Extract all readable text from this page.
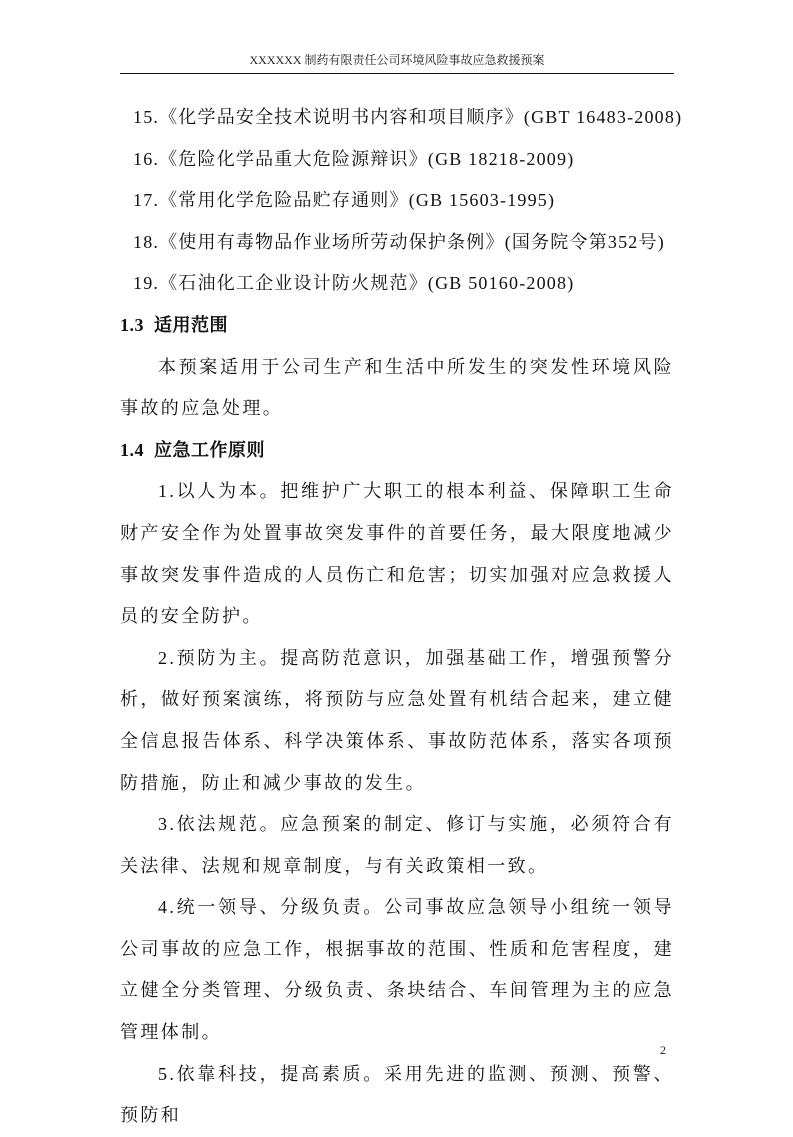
XXXXXX 制药有限责任公司环境风险事故应急救援预案
15.《化学品安全技术说明书内容和项目顺序》(GBT 16483-2008)
16.《危险化学品重大危险源辩识》(GB 18218-2009)
17.《常用化学危险品贮存通则》(GB 15603-1995)
18.《使用有毒物品作业场所劳动保护条例》(国务院令第352号)
19.《石油化工企业设计防火规范》(GB 50160-2008)
1.3 适用范围
本预案适用于公司生产和生活中所发生的突发性环境风险事故的应急处理。
1.4 应急工作原则
1.以人为本。把维护广大职工的根本利益、保障职工生命财产安全作为处置事故突发事件的首要任务，最大限度地减少事故突发事件造成的人员伤亡和危害；切实加强对应急救援人员的安全防护。
2.预防为主。提高防范意识，加强基础工作，增强预警分析，做好预案演练，将预防与应急处置有机结合起来，建立健全信息报告体系、科学决策体系、事故防范体系，落实各项预防措施，防止和减少事故的发生。
3.依法规范。应急预案的制定、修订与实施，必须符合有关法律、法规和规章制度，与有关政策相一致。
4.统一领导、分级负责。公司事故应急领导小组统一领导公司事故的应急工作，根据事故的范围、性质和危害程度，建立健全分类管理、分级负责、条块结合、车间管理为主的应急管理体制。
5.依靠科技，提高素质。采用先进的监测、预测、预警、预防和
2
